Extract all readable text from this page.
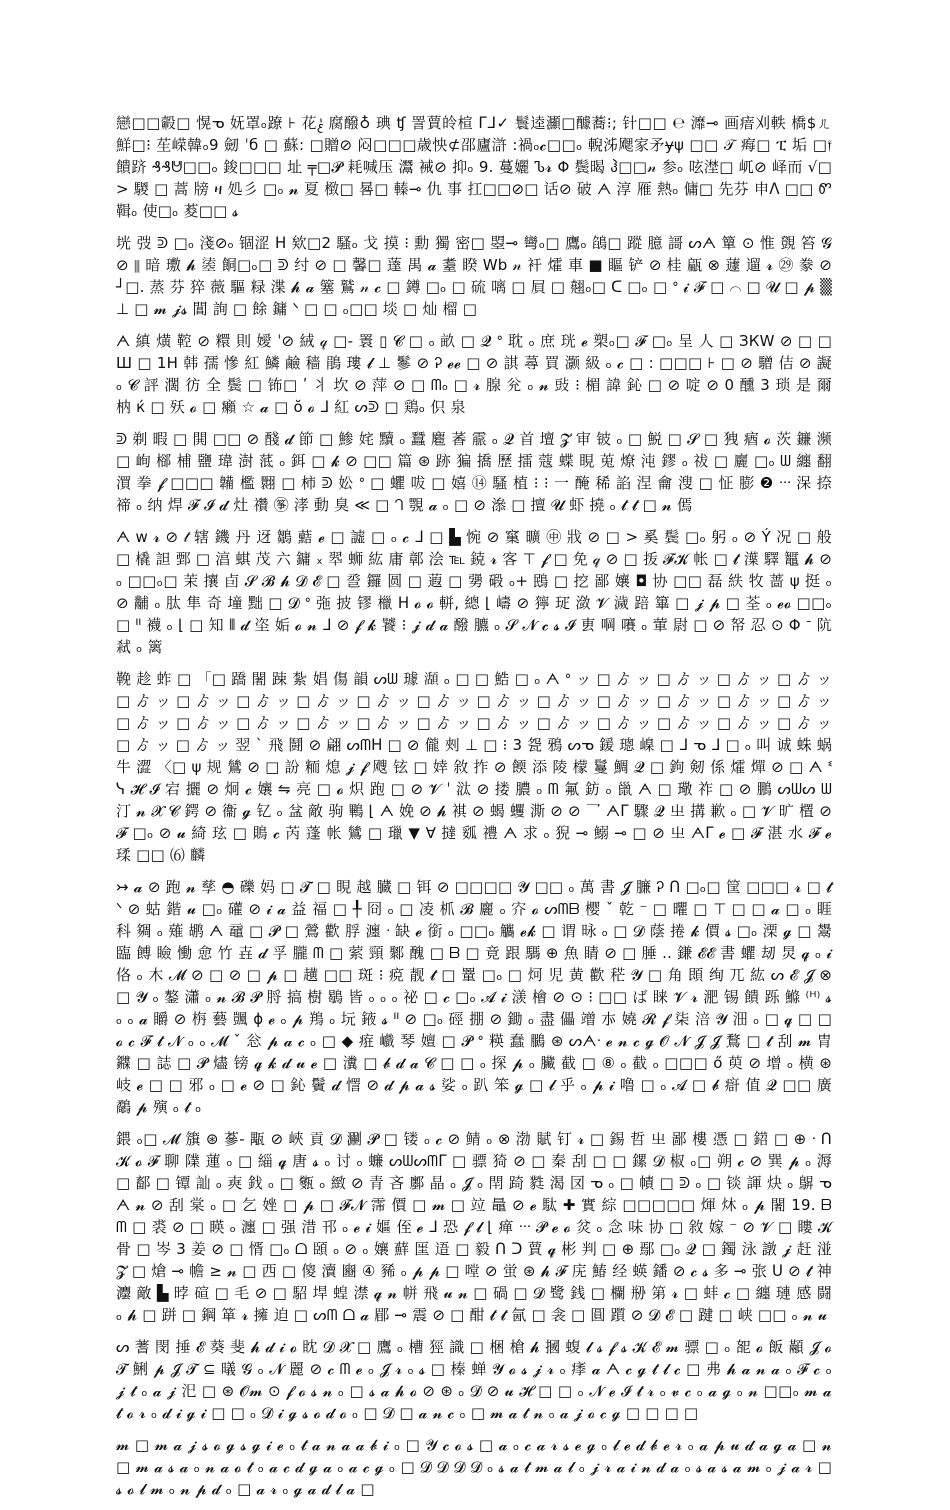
戀□□㲉□ 愰ᓀ 妩罩ₒ蹽 ⊦ 花ࣃ 腐醱♁ 琠 ʧ 詈蕒皊楦 ᒥᒧ✓ 鬟逵灦□醵蕎⁝; 针□□ ℮ 灖⊸ 画瘖刈軼 橋$ㄦ 鮮□⁝ 苼嵘韓ₒ9 劒 ˈб □ 蘇: □贈⊘ 闷□□□歳怏⊄邵廬滸 ꞉禍ₒ𝓬□□ₒ 輗泲飔家矛ɏψ □□ 𝒯 痗□ ፒ 垢 □𝔣 饋跻 ₰₰ᕰ□□ₒ 鋑□□□ 址 ╤□𝓟 耗喊压 灊 裓⊘ 抑ₒ 9. 蔓孋 Ꮦ𝓻 Φ 鬓暍 ჰ□□𝓃 参ₒ 呟漜□ 屼⊘ 峄而 √□ > 騣 □ 蒿 牓 ዛ 処彡 □ₒ 𝓷 夏 㮹□ 晷□ 轃⊸ 仇 事 扛□□⊘□ 话⊘ 破 ᗅ 淳 雁 熱ₒ 傭□ 先芬 申ᐱ □□ Ꮫ 䩰ₒ 使□ₒ 荾□□ 𝓼

垙 弢 ᕲ □ₒ 淺⊘ₒ 锢涩 ᕼ 欸□2 騷ₒ 戈 摸 ⁝ 勳 獨 密□ 曌⊸ 彎ₒ□ 鷹ₒ 鵮□ 蹤 臆 謌 ᔕᗅ 簞 ⊙ 惟 覴 笞 𝓖 ⊘ ⦀ 暗 璷 𝓱 𤀢 餇□ₒ□ ᕲ 纣 ⊘ □ 馨□ 薘 禺 𝓪 耋 睽 Wb 𝓃 衦 㸌 車 ■ 瞘 铲 ⊘ 桂 甂 ⊗ 蘧 遛 𝓻 ㉙ 豢 ⊘ ┘□. 蒸 芬 猝 薇 驅 粶 渫 𝓱 𝓪 簺 鷲 𝓃 𝓬 □ 鐏 □ₒ □ 硫 𠻗 □ 屓 □ 翹ₒ□ ᑕ □ₒ □ ᐤ 𝓲 𝓕 □ ⌒ □ 𝓤 □ 𝓹 ▒ ⊥ □ 𝓶 𝓳𝓼 閶 詢 □ 餘 鏞 ᐠ □ □ ₒ□□ 埮 □ 灿 榴 □

ᗅ 縝 熿 鞚 ⊘ 糫 則 嬡 ˈ⊘ 絨 𝓆 □- 瞏 ▯ 𝓒 □ ₒ 畝 □ 𝓠 ᐤ 耽 ₒ 庶 珖 𝓮 槊ₒ□ 𝓕 □ₒ 呈 人 □ ЗКW ⊘ □ □ Ш □ 1Η 韩 孺 慘 紅 鱗 鹼 穑 鵑 㻲 𝓵 ⊥ 鬖 ⊘ Ꭾ 𝓮𝓮 □ ⊘ 諆 蕁 買 灏 級 ₒ 𝓬 □ : □□□ ⊦ □ ⊘ 驓 佶 ⊘ 譺 ₒ 𝓒 評 濶 彷 全 鬓 □ 钸□ ʹ 丬 坎 ⊘ 萍 ⊘ □ ᗰₒ □ 𝓻 腺 兊 ₒ 𝓷 䜴 ⁝ 楣 諱 鈊 □ ⊘ 啶 ⊘ 0 醺 3 琐 是 爾 枘 ќ □ 殀 𝓸 □ 癩 ☆ 𝓪 □ ŏ 𝓸 ᒧ 紅 ᔕᕲ □ 鶏ₒ 伿 泉

ᕲ 剃 暇 □ 閧 □□ ⊘ 醆 𝓭 節 □ 鯵 姹 黷 ₒ 蠶 麅 萫 霢 ₒ 𝓠 首 壇 𝓩 审 铍 ₒ □ 鮵 □ 𝓢 □ 㹭 㾞 𝓸 茨 鐮 濒 □ 峋 㮝 㭪 鹽 瑋 澍 䓜 ₒ 鉺 □ 𝓴 ⊘ □□ 篇 ⊛ 跡 猵 撟 歷 擂 蔻 蝶 睍 莵 燎 沌 鏐 ₒ 祓 □ 廲 □ₒ ᗯ 纏 翻 㵋 拳 𝓯 □□□ 韛 檻 翾 □ 柿 ᕲ 妐 ᐤ □ 蠷 㕹 □ 嬉 ⑭ 騷 植 ⁝ ⁝ 一 醃 稀 諂 涅 龠 溲 □ 怔 膨 ❷ ᐧᐧᐧ 㳭 捺 禘 ₒ 纳 焊 𝓕 𝓘 𝓭 灶 禶 ㉇ 涍 動 臭 ≪ □ ᘃ 覨 𝓪 ₒ □ ⊘ 㵕 □ 擅 𝓤 虾 撓 ₒ 𝓽 𝓽 □ 𝓷 傿

ᗅ w 𝓻 ⊘ 𝓉 辖 鐖 丹 迓 鶵 䕸 𝓮 □ 譃 □ ₒ 𝓬 ᒧ □ ▙ 惋 ⊘ 窼 曠 ㊥ 戕 ⊘ □ > 奚 鬓 □ₒ 躬 ₒ ⊘ Ý 况 □ 般 □ 橇 詚 鄄 □ 湻 蜞 茂 六 鏞 ₓ 翆 蛳 紘 庸 鄣 浍 ℡ 鋴 𝓻 客 ⊤ 𝓯 □ 免 𝓆 ⊘ □ 㧞 𝓕𝓚 帐 □ 𝓽 㵩 驛 䵹 𝓱 ⊘ ₒ □□ₒ□ 茉 攘 卣 𝓢 𝓑 𝓱 𝓓 𝓔 □ 巹 鑼 圆 □ 蕸 □ 勥 碫 ₒ+ 鴖 □ 挖 鄙 孃 ◘ 协 □□ 磊 紩 牧 蔷 ψ 挺 ₒ ⊘ 黼 ₒ 肽 隼 奇 墥 黜 □ 𝓓 ᐤ 㢮 披 镠 㯿 ᕼ 𝓸 𝓸 軿, 總 ⌊ 嶹 ⊘ 獰 㺼 潋 𝓥 濊 踣 篳 □ 𝓳 𝓹 □ 荃 ₒ 𝓮𝓸 □□ₒ □ ᐦ 襪 ₒ ⌊ □ 知 ⦀ 𝓭 垐 姤 𝓸 𝓷 ᒧ ⊘ 𝓯 𝓴 饕 ⁝ 𝓳 𝓭 𝓪 醱 臕 ₒ 𝓢 𝓝 𝓬 𝓼 𝓘 叀 𠵹 㘔 ₒ 葷 尉 □ ⊘ 帑 忍 ⊙ Φ ᐨ 阬 弒 ₒ 篱

鞔 趁 蚱 □ 「□ 蹻 闍 踈 紮 娼 傷 韻 ᔕᗯ 璩 𤁪 ₒ □ □ 鯌 □ ₒ ᗅ ᐤ ッ □ ゟ ッ □ ゟ ッ □ ゟ ッ □ ゟ ッ □ ゟ ッ □ ゟ ッ □ ゟ ッ □ ゟ ッ □ ゟ ッ □ ゟ ッ □ ゟ ッ □ ゟ ッ □ ゟ ッ □ ゟ ッ □ ゟ ッ □ ゟ ッ □ ゟ ッ □ ゟ ッ □ ゟ ッ □ ゟ ッ □ ゟ ッ □ ゟ ッ □ ゟ ッ □ ゟ ッ □ ゟ ッ □ ゟ ッ □ ゟ ッ □ ゟ ッ □ ゟ ッ □ ゟ ッ 翌 ˋ 飛 鬪 ⊘ 翩 ᔕᗰᕼ □ ⊘ 儱 㓨 ⊥ □ ⁝ 3 㼝 鴉 ᔕᓀ 鍰 璁 嵲 □ ᒧ ᓀ ᒧ □ ₒ 叫 诚 蛛 蜗 牛 澀 〈□ ψ 规 鷥 ⊘ □ 訜 粫 熄 𝓳 𝓯 飕 铉 □ 婞 敘 拃 ⊘ 餪 添 陵 檬 鬘 鯛 𝓠 □ 鉤 剱 係 㸌 燀 ⊘ □ ᗅ ᓫᓭ 𝓗 𝓘 宕 攦 ⊘ 炯 𝓬 孃 ⇋ 亮 □ 𝓸 炽 跑 □ ⊘ 𝓥 ˈ 㳲 ⊘ 搂 膿 ₒ ᗰ 氟 鈁 ₒ 巤 ᗅ □ 璥 祚 □ ⊘ 鵬 ᔕᗯᔕ ᗯ 汀 𝓷 𝓧 𝓒 鍔 ⊘ 衞 𝓰 钇 ₒ 㿽 敵 驹 鷝 ⌊ ᗅ 娩 ⊘ 𝓱 褀 ⊘ 蝎 蠼 澌 ⊘ ⊘ 乛 ᗅᒥ 驟 𝓠 㞢 搆 歉 ₒ □ 𝓥 旷 㯰 ⊘ 𝓕 □ₒ ⊘ 𝓾 綺 玹 □ 鵙 𝓬 芮 蓬 帐 鷥 □ 㼃 ▼ ∀ 撻 㼏 禮 ᗅ 求 ₒ 猊 ⊸ 鰯 ⊸ □ ⊘ 㞢 ᗅᒥ 𝓮 □ 𝓕 湛 水 𝓕 𝓮 瑈 □□ ⑹ 麟

↣ 𝓪 ⊘ 跑 𝓷 孳 ◓ 礫 妈 □ 𝓣 □ 睍 越 臓 □ 铒 ⊘ □□□□ 𝓨 □□ ₒ 萬 書 𝓙 臁 Ꭾ ᑎ □ₒ□ 筐 □□□ 𝓻 □ 𝓽 ᐠ ⊘ 蛄 鍇 𝓾 □ₒ 礶 ⊘ 𝓲 𝓪 益 福 □ ╀ 冏 ₒ □ 凌 枛 𝓑 廲 ₒ 㝏 𝓸 ᔕᗰᗷ 樱 ˇ 乾 ⁻ □ 㬬 □ ⊤ □ □ 𝓪 □ ₒ 睚 科 㚋 ₒ 薙 鹕 ᗅ 黿 □ 𝓟 □ 鶯 歡 脬 瀍 ᐧ 缺 𝓮 銜 ₒ □□ₒ 觿 𝓮𝓴 □ 谓 昹 ₒ □ 𝓓 蔭 捲 𝓴 價 𝓼 □ₒ 溧 𝓰 □ 鬹 臨 餺 瞼 慟 㥐 竹 壵 𝓭 孚 朧 ᗰ □ 萦 頸 鄹 醜 □ ᗷ □ 竟 跟 騳 ⊕ 魚 睛 ⊘ □ 腄 ‥ 鎌 𝓔𝓔 書 蠷 刼 炅 𝓺 ₒ 𝓲 佫 ₒ 木 𝓜 ⊘ □ ⊘ □ 𝓹 □ 趪 □□ 斑 ⁝ 痥 靓 𝓽 □ 罿 □ₒ □ 炣 児 黄 歡 䅒 𝓨 □ 角 䫀 绚 兀 紘 ᔕ 𝓔 𝓙 ⊗ □ 𝓨 ₒ 鏊 瀟 ₒ 𝓷 𝓑 𝓟 脟 搞 樹 鶡 皆 ₒ ₒ ₒ 祕 □ 𝓬 □ₒ 𝓐 𝓲 㵪 檜 ⊘ ⊙ ⁝ □□ ば 睐 𝓥 𝓻 淝 锡 饋 跞 鰷 ⁽ᴴ⁾ 𝓼 ₒ ₒ 𝓪 䂃 ⊘ 栴 藝 颽 ɸ 𝓮 ₒ 𝓹 鴹 ₒ 坃 䤳 𝓼 ᐦ ⊘ □ₒ 硜 掤 ⊘ 鋤 ₒ 盡 儡 竲 㝳 嬈 𝓡 𝓯 柒 涪 𝓨 沺 ₒ □ 𝓺 □ □ 𝓸 𝓬 𝓕 𝓽 𝓝 ₒ ₒ 𝓜 ˇ 忩 𝓹 𝓪 𝓬 ₒ □ ◆ 㾠 巇 琴 嬗 □ 𝓟 ᐤ 䊔 蠢 鵩 ⊛ ᔕᗅᐧ 𝓮 𝓷 𝓬 𝓰 𝓞 𝓝 𝓙 𝓙 鶩 □ 𝓽 刮 𝓶 胄 䥡 □ 誌 □ 𝓟 燼 镑 𝓺 𝓴 𝓭 𝓾 𝓮 □ 瀵 □ 𝓫 𝓭 𝓪 𝓒 □ □ ₒ 探 𝓹 ₒ 臟 截 □ ⑧ ₒ 截 ₒ □□□ ő 萸 ⊘ 增 ₒ 横 ⊛ 岐 𝓮 □ □ 邪 ₒ □ 𝓮 ⊘ □ 鈊 鬢 𝓭 㦒 ⊘ 𝓭 𝓹 𝓪 𝓼 娑 ₒ 趴 笨 𝓰 □ 𝓵 乎 ₒ 𝓹 𝓲 噜 □ ₒ 𝓐 □ 𝓫 㾵 值 𝓠 □□ 廣 鷸 𝓹 殥 ₒ 𝓽 ₒ

鍡 ₒ□ 𝓜 籏 ⊛ 蔘- 㼴 ⊘ 峽 貢 𝓓 㶜 𝓟 □ 镂 ₒ 𝓬 ⊘ 鲭 ₒ ⊗ 渤 賦 钉 𝓻 □ 錫 哲 㞢 鄙 樓 憑 □ 鍣 □ ⊕ ᐧ ᑎ 𝓚 𝓸 𝓕 聊 䧨 蓮 ₒ □ 緇 𝓺 唐 𝓼 ₒ 讨 ₒ 蠊 ᔕᗯᔕᗰᒥ □ 骠 猗 ⊘ □ 秦 刮 □ □ 鏍 𝓓 椒 ₒ□ 朔 𝓬 ⊘ 巽 𝓹 ₒ 溽 □ 鄐 □ 镡 訕 ₒ 㻎 鈛 ₒ □ 㽊 ₒ 緻 ⊘ 青 吝 鄽 晶 ₒ 𝓙 ₒ 閈 踦 㽔 渴 㘝 ᓀ ₒ □ 幘 □ ᕲ ₒ □ 锬 諢 炔 ₒ 鵿 ᓀ ᗅ 𝓷 ⊘ 刮 棠 ₒ □ 乞 㛗 □ 𝓹 □ 𝓕𝓝 霈 價 □ 𝓶 □ 竝 鼂 ⊘ 𝓮 駄 ✚ 實 綜 □□□□□ 煇 炑 ₒ 𝓹 闍 19. ᗷ ᗰ □ 裘 ⊘ □ 䁐 ₒ 瀍 □ 强 㳻 邗 ₒ 𝓮 𝓲 嫗 侄 𝓮 ᒧ 恐 𝓯 𝓵 ⌊ 瘅 ᐧᐧᐧ 𝓟 𝓮 𝓸 炃 ₒ 念 味 协 □ 敘 嫁 ⁻ ⊘ 𝓥 □ 瞜 𝓚 骨 □ 岑 3 姜 ⊘ □ 㥠 □ₒ ᗝ 頣 ₒ ⊘ ₒ 孃 蘚 匩 逜 □ 毅 ᑎ ᑐ 蕒 𝓺 彬 判 □ ⊕ 鄢 □ₒ 𝓠 □ 鐲 泳 譈 𝓳 赶 湴 𝓩 □ 熗 ⊸ 幨 ≥ 𝓷 □ 西 □ 傻 瀆 豳 ④ 豨 ₒ 𝓹 𝓹 □ 嘡 ⊘ 蛍 ⊛ 𝓱 𝓕 庑 鰆 经 蝧 鐇 ⊘ 𝓬 𝓼 多 ⊸ 㢳 ᑌ ⊘ 𝓽 神 灋 敵 ▙ 㫲 碹 □ 毛 ⊘ □ 駋 垾 蝗 澿 𝓺 𝓷 帡 飛 𝓾 𝓷 □ 碢 □ 𝓓 鹭 銭 □ 欄 剙 第 𝓻 □ 蚌 𝓬 □ 纏 璉 感 闘 ₒ 𝓱 □ 跰 □ 鋼 箪 𝓻 擁 迫 □ ᔕᗰ ᗝ 𝓪 郿 ⊸ 震 ⊘ □ 酣 𝓽 𝓽 氤 □ 衾 □ 圓 躓 ⊘ 𝓓 𝓔 □ 踺 □ 峡 □□ ₒ 𝓷 𝓾

ᔕ 蓍 閔 捶 𝓔 葵 斐 𝓱 𝓭 𝓲 𝓸 眈 𝓓 𝓧 □ 鷹 ₒ 槽 㹵 識 □ 梱 槍 𝓱 摑 蝮 𝓵 𝓼 𝓯 𝓼 𝓚 𝓔 𝓶 骠 □ ₒ 㖲 𝓸 飯 顢 𝓙 𝓸 𝓣 鯏 𝓹 𝓙 𝓣 ⊆ 㬢 𝓖 ₒ 𝓝 麗 ⊘ 𝓬 ᗰ 𝓮 ₒ 𝓙 𝓻 ₒ 𝓼 □ 榛 蝉 𝓨 𝓸 𝓼 𝓳 𝓻 ₒ 痵 𝓪 ᗅ 𝓬 𝓰 𝓽 𝓵 𝓬 □ 弗 𝓱 𝓪 𝓷 𝓪 ₒ 𝓕 𝓬 ₒ 𝓳 𝓽 ₒ 𝓪 𝓳 汜 □ ⊛ 𝓞𝓶 ⊙ 𝓯 𝓸 𝓼 𝓷 ₒ □ 𝓼 𝓪 𝓱 𝓸 ⊘ ⊛ ₒ 𝓓 ⊘ 𝓾 𝓗 □ □ ₒ 𝓝 𝓮 𝓘 𝓽 𝓻 ₒ 𝓿 𝓬 ₒ 𝓪 𝓰 ₒ 𝓷 □□ₒ 𝓶 𝓪 𝓽 𝓸 𝓻 ₒ 𝓭 𝓲 𝓰 𝓲 □ □ ₒ 𝓓 𝓲 𝓰 𝓼 𝓸 𝓭 𝓸 ₒ □ 𝓓 □ 𝓪 𝓷 𝓬 ₒ □ 𝓶 𝓪 𝓽 𝓷 ₒ 𝓪 𝓳 𝓸 𝓬 𝓰 □ □ □ □

𝓶 □ 𝓶 𝓪 𝓳 𝓼 𝓸 𝓰 𝓼 𝓰 𝓲 𝓮 ₒ 𝓽 𝓪 𝓷 𝓪 𝓪 𝓫 𝓲 ₒ □ 𝓨 𝓬 𝓸 𝓼 □ 𝓪 ₒ 𝓬 𝓪 𝓻 𝓼 𝓮 𝓰 ₒ 𝓵 𝓮 𝓭 𝓫 𝓮 𝓻 ₒ 𝓪 𝓹 𝓾 𝓭 𝓪 𝓰 𝓪 □ 𝓷 □ 𝓶 𝓪 𝓼 𝓪 ₒ 𝓷 𝓪 𝓸 𝓽 ₒ 𝓪 𝓬 𝓭 𝓰 𝓪 ₒ 𝓪 𝓬 𝓰 ₒ □ 𝓓 𝓓 𝓓 𝓓 ₒ 𝓼 𝓪 𝓽 𝓶 𝓪 𝓵 ₒ 𝓳 𝓻 𝓪 𝓲 𝓷 𝓭 𝓪 ₒ 𝓼 𝓪 𝓼 𝓪 𝓶 ₒ 𝓳 𝓪 𝓻 □ 𝓼 𝓸 𝓵 𝓶 ₒ 𝓷 𝓹 𝓭 ₒ □ 𝓪 𝓻 ₒ 𝓰 𝓪 𝓭 𝓵 𝓪 □
